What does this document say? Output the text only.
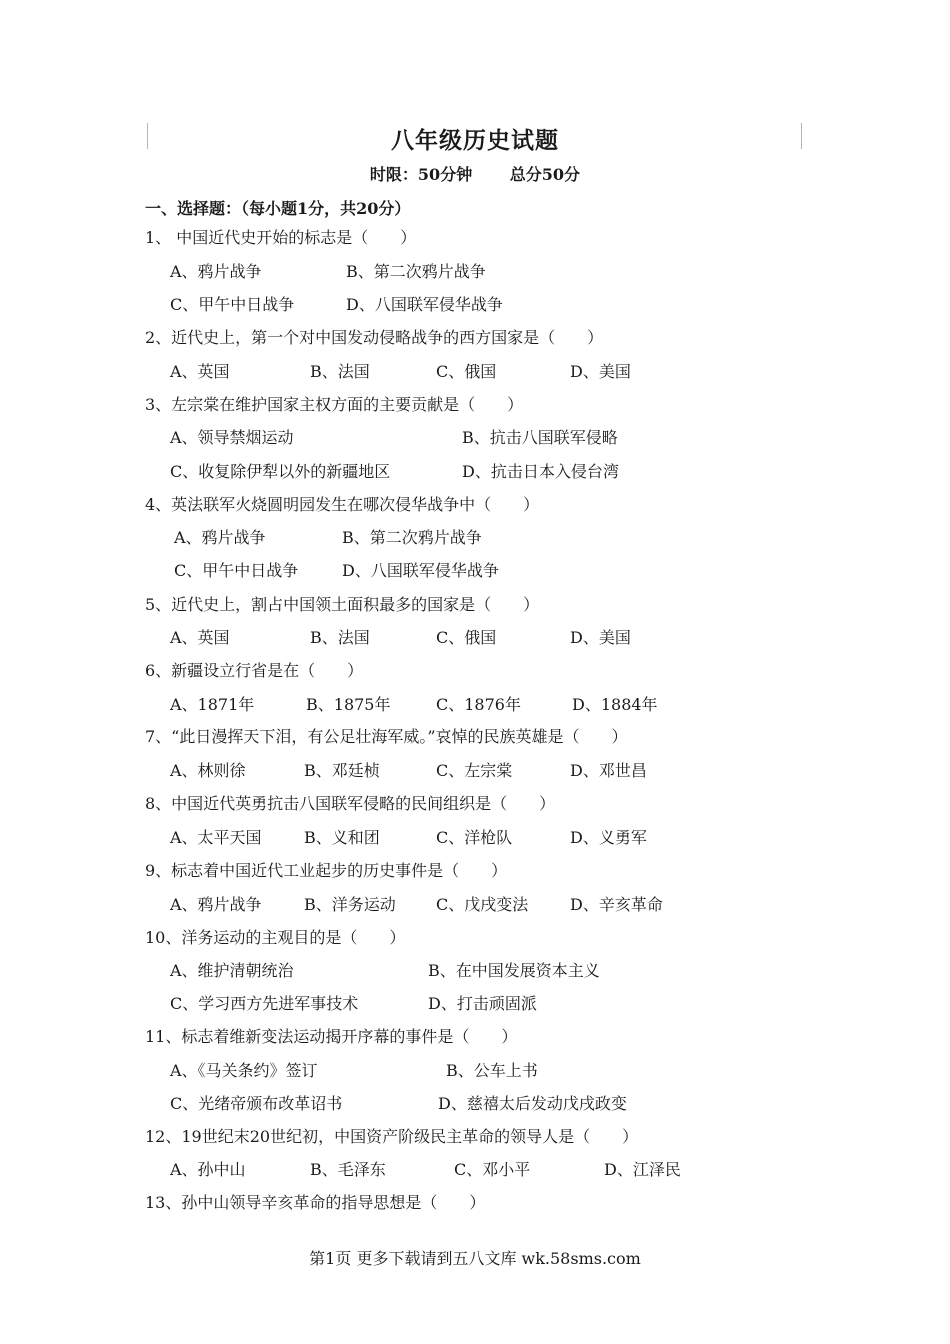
八年级历史试题
时限：50分钟 总分50分
一、选择题：（每小题1分，共20分）
1、 中国近代史开始的标志是（　　）
A、鸦片战争	B、第二次鸦片战争
C、甲午中日战争	D、八国联军侵华战争
2、近代史上，第一个对中国发动侵略战争的西方国家是（　　）
A、英国	B、法国	C、俄国	D、美国
3、左宗棠在维护国家主权方面的主要贡献是（　　）
A、领导禁烟运动	B、抗击八国联军侵略
C、收复除伊犁以外的新疆地区	D、抗击日本入侵台湾
4、英法联军火烧圆明园发生在哪次侵华战争中（　　）
A、鸦片战争	B、第二次鸦片战争
C、甲午中日战争	D、八国联军侵华战争
5、近代史上，割占中国领土面积最多的国家是（　　）
A、英国	B、法国	C、俄国	D、美国
6、新疆设立行省是在（　　）
A、1871年	B、1875年	C、1876年	D、1884年
7、“此日漫挥天下泪，有公足壮海军威。”哀悼的民族英雄是（　　）
A、林则徐	B、邓廷桢	C、左宗棠	D、邓世昌
8、中国近代英勇抗击八国联军侵略的民间组织是（　　）
A、太平天国	B、义和团	C、洋枪队	D、义勇军
9、标志着中国近代工业起步的历史事件是（　　）
A、鸦片战争	B、洋务运动	C、戊戌变法	D、辛亥革命
10、洋务运动的主观目的是（　　）
A、维护清朝统治	B、在中国发展资本主义
C、学习西方先进军事技术	D、打击顽固派
11、标志着维新变法运动揭开序幕的事件是（　　）
A、《马关条约》签订	B、公车上书
C、光绪帝颁布改革诏书	D、慈禧太后发动戊戌政变
12、19世纪末20世纪初，中国资产阶级民主革命的领导人是（　　）
A、孙中山	B、毛泽东	C、邓小平	D、江泽民
13、孙中山领导辛亥革命的指导思想是（　　）
第1页 更多下载请到五八文库 wk.58sms.com
